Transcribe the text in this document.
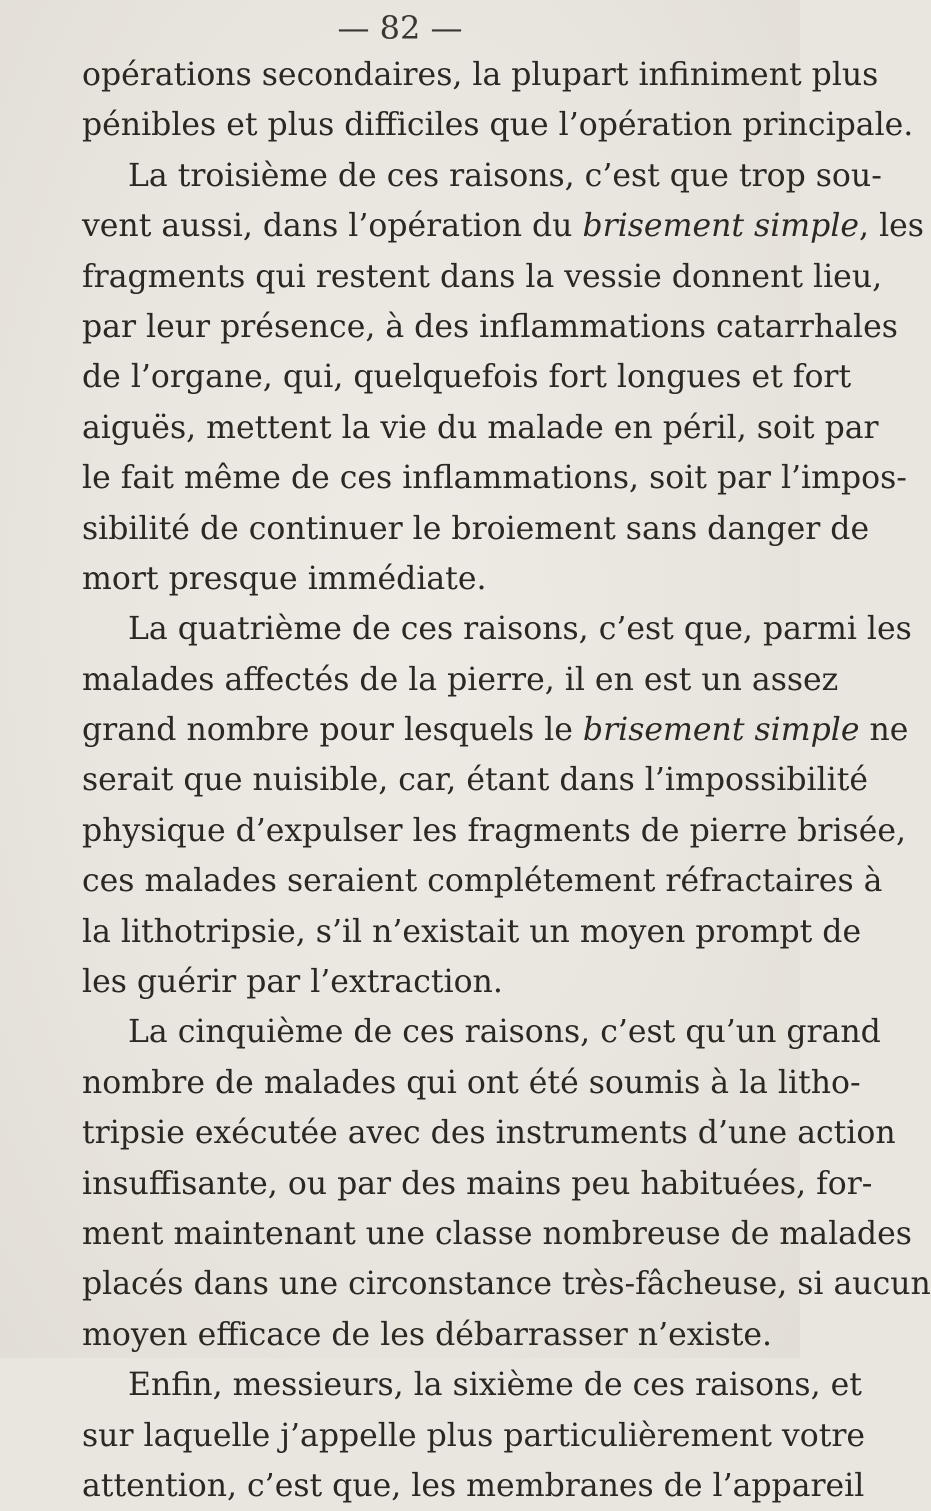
— 82 —
opérations secondaires, la plupart infiniment plus
pénibles et plus difficiles que l’opération principale.
La troisième de ces raisons, c’est que trop sou-
vent aussi, dans l’opération du brisement simple, les
fragments qui restent dans la vessie donnent lieu,
par leur présence, à des inflammations catarrhales
de l’organe, qui, quelquefois fort longues et fort
aiguës, mettent la vie du malade en péril, soit par
le fait même de ces inflammations, soit par l’impos-
sibilité de continuer le broiement sans danger de
mort presque immédiate.
La quatrième de ces raisons, c’est que, parmi les
malades affectés de la pierre, il en est un assez
grand nombre pour lesquels le brisement simple ne
serait que nuisible, car, étant dans l’impossibilité
physique d’expulser les fragments de pierre brisée,
ces malades seraient complétement réfractaires à
la lithotripsie, s’il n’existait un moyen prompt de
les guérir par l’extraction.
La cinquième de ces raisons, c’est qu’un grand
nombre de malades qui ont été soumis à la litho-
tripsie exécutée avec des instruments d’une action
insuffisante, ou par des mains peu habituées, for-
ment maintenant une classe nombreuse de malades
placés dans une circonstance très-fâcheuse, si aucun
moyen efficace de les débarrasser n’existe.
Enfin, messieurs, la sixième de ces raisons, et
sur laquelle j’appelle plus particulièrement votre
attention, c’est que, les membranes de l’appareil
